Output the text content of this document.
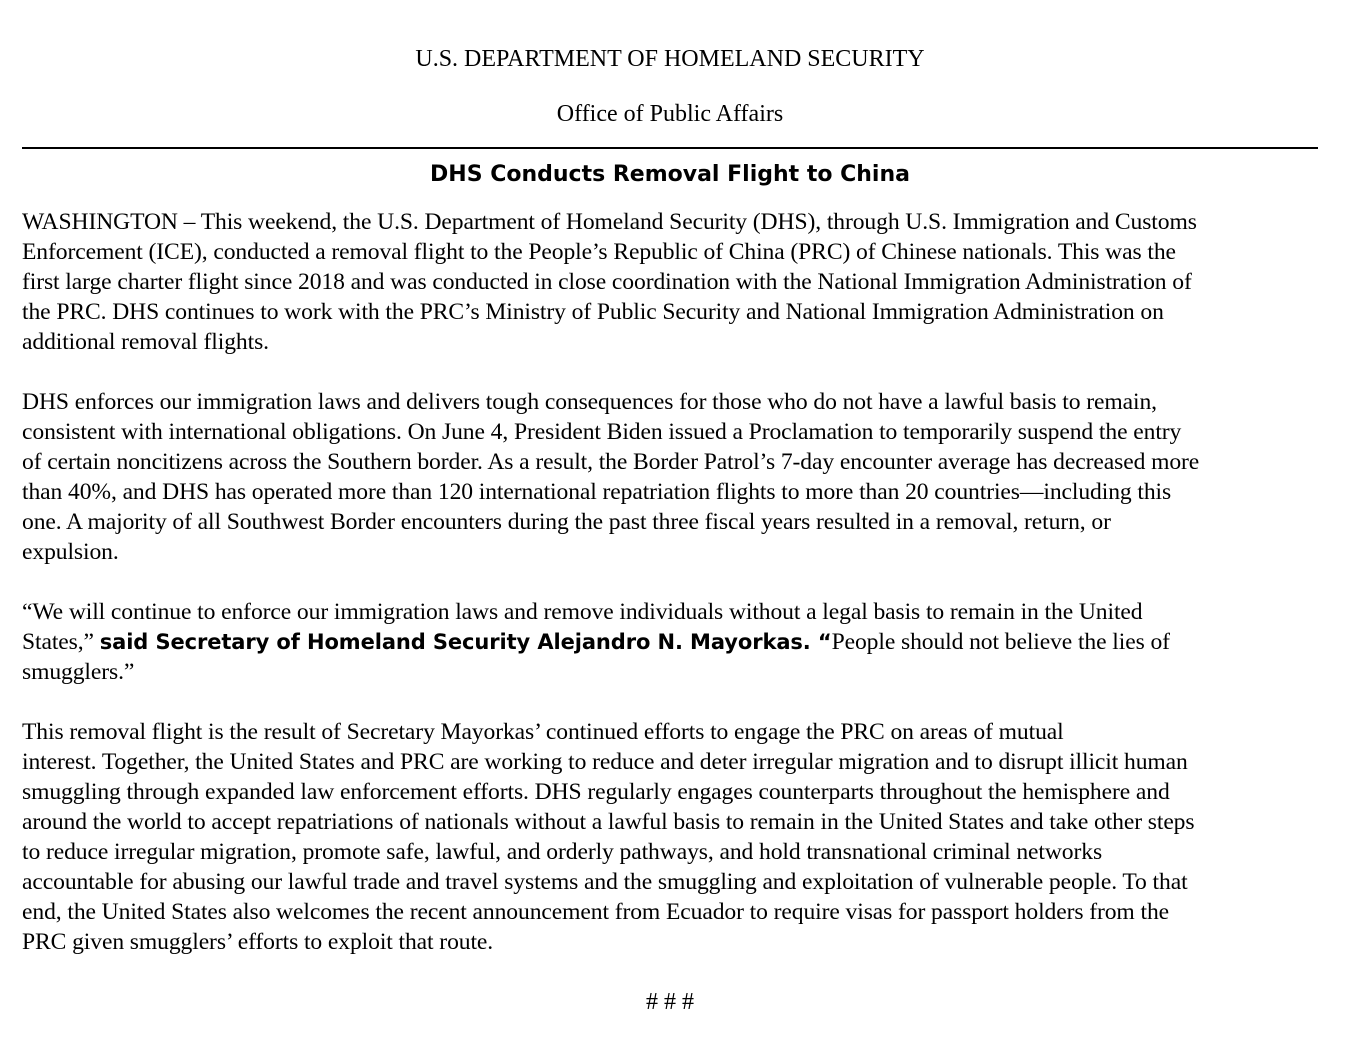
U.S. DEPARTMENT OF HOMELAND SECURITY
Office of Public Affairs
DHS Conducts Removal Flight to China

WASHINGTON – This weekend, the U.S. Department of Homeland Security (DHS), through U.S. Immigration and Customs
Enforcement (ICE), conducted a removal flight to the People’s Republic of China (PRC) of Chinese nationals. This was the
first large charter flight since 2018 and was conducted in close coordination with the National Immigration Administration of
the PRC. DHS continues to work with the PRC’s Ministry of Public Security and National Immigration Administration on
additional removal flights.

DHS enforces our immigration laws and delivers tough consequences for those who do not have a lawful basis to remain,
consistent with international obligations. On June 4, President Biden issued a Proclamation to temporarily suspend the entry
of certain noncitizens across the Southern border. As a result, the Border Patrol’s 7-day encounter average has decreased more
than 40%, and DHS has operated more than 120 international repatriation flights to more than 20 countries—including this
one. A majority of all Southwest Border encounters during the past three fiscal years resulted in a removal, return, or
expulsion.

“We will continue to enforce our immigration laws and remove individuals without a legal basis to remain in the United
States,” said Secretary of Homeland Security Alejandro N. Mayorkas. “People should not believe the lies of
smugglers.”

This removal flight is the result of Secretary Mayorkas’ continued efforts to engage the PRC on areas of mutual
interest. Together, the United States and PRC are working to reduce and deter irregular migration and to disrupt illicit human
smuggling through expanded law enforcement efforts. DHS regularly engages counterparts throughout the hemisphere and
around the world to accept repatriations of nationals without a lawful basis to remain in the United States and take other steps
to reduce irregular migration, promote safe, lawful, and orderly pathways, and hold transnational criminal networks
accountable for abusing our lawful trade and travel systems and the smuggling and exploitation of vulnerable people. To that
end, the United States also welcomes the recent announcement from Ecuador to require visas for passport holders from the
PRC given smugglers’ efforts to exploit that route.

# # #
